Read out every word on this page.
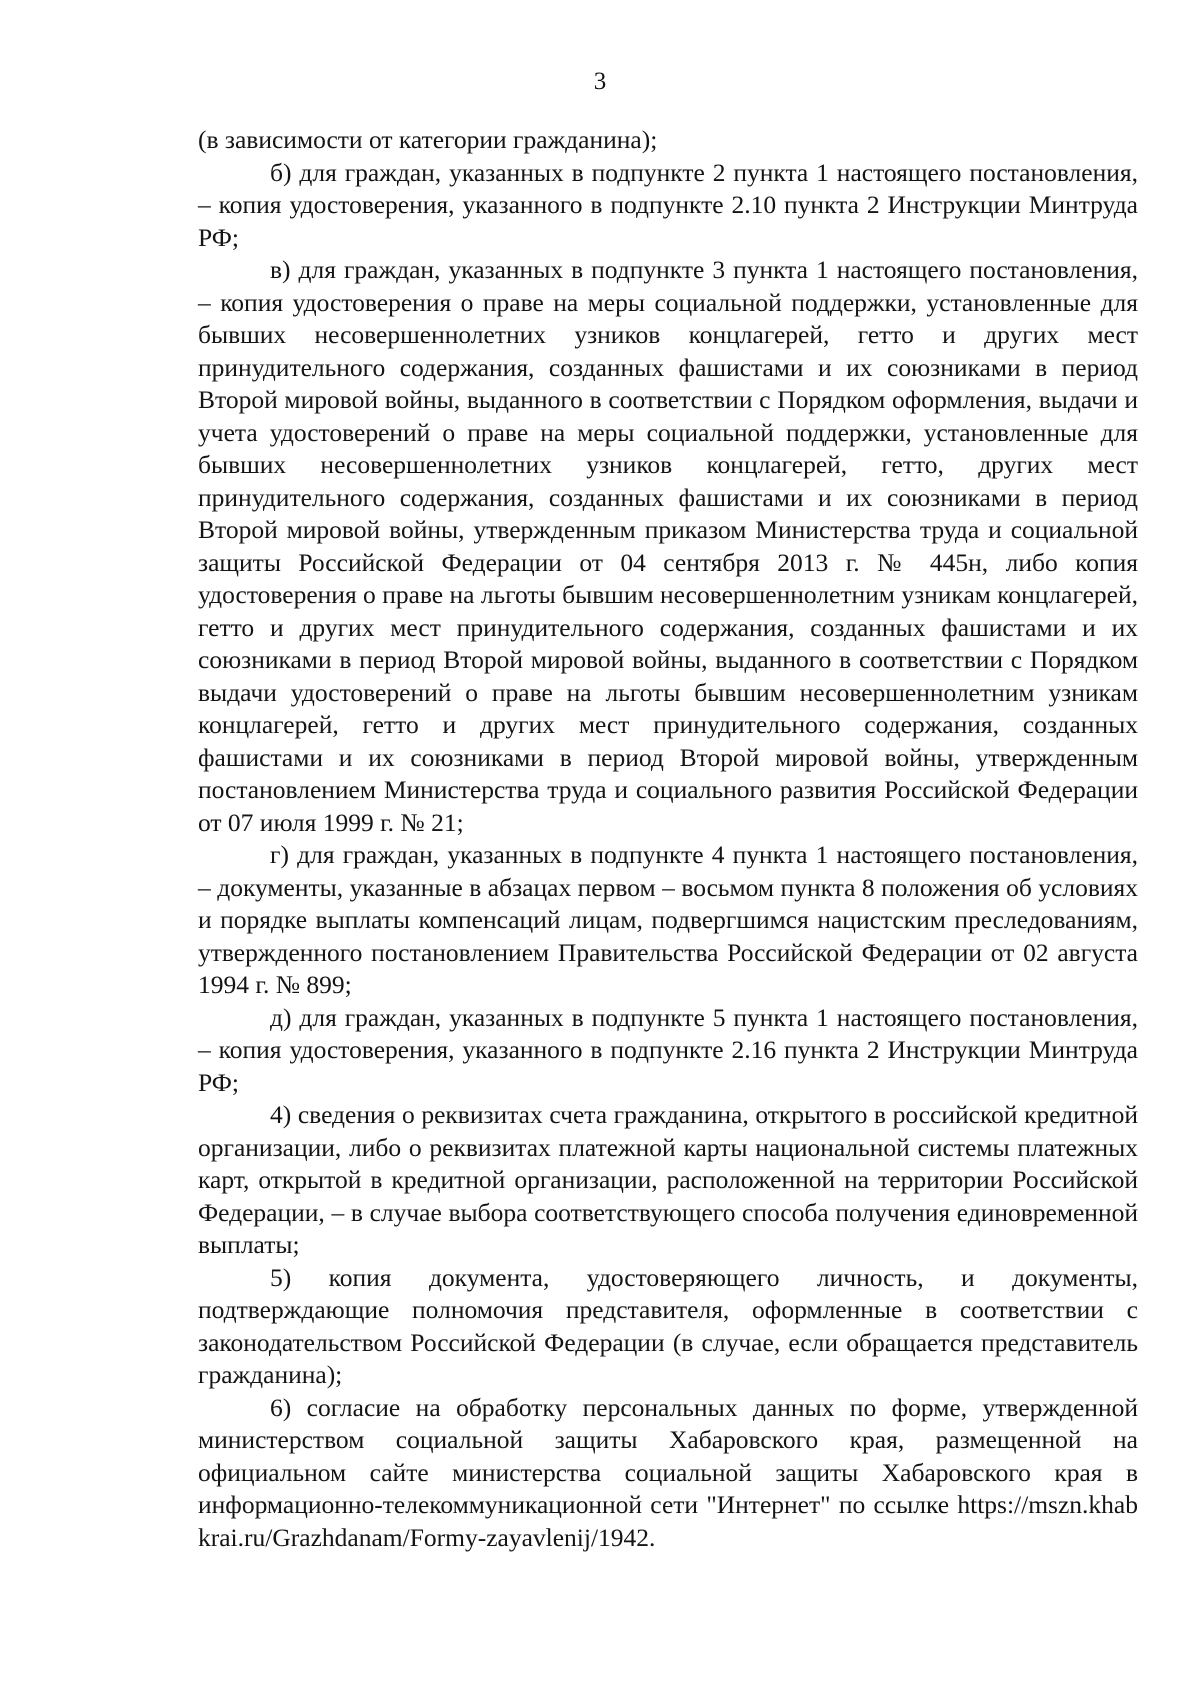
3

(в зависимости от категории гражданина);

б) для граждан, указанных в подпункте 2 пункта 1 настоящего постановления, – копия удостоверения, указанного в подпункте 2.10 пункта 2 Инструкции Минтруда РФ;

в) для граждан, указанных в подпункте 3 пункта 1 настоящего постановления, – копия удостоверения о праве на меры социальной поддержки, установленные для бывших несовершеннолетних узников концлагерей, гетто и других мест принудительного содержания, созданных фашистами и их союзниками в период Второй мировой войны, выданного в соответствии с Порядком оформления, выдачи и учета удостоверений о праве на меры социальной поддержки, установленные для бывших несовершеннолетних узников концлагерей, гетто, других мест принудительного содержания, созданных фашистами и их союзниками в период Второй мировой войны, утвержденным приказом Министерства труда и социальной защиты Российской Федерации от 04 сентября 2013 г. № 445н, либо копия удостоверения о праве на льготы бывшим несовершеннолетним узникам концлагерей, гетто и других мест принудительного содержания, созданных фашистами и их союзниками в период Второй мировой войны, выданного в соответствии с Порядком выдачи удостоверений о праве на льготы бывшим несовершеннолетним узникам концлагерей, гетто и других мест принудительного содержания, созданных фашистами и их союзниками в период Второй мировой войны, утвержденным постановлением Министерства труда и социального развития Российской Федерации от 07 июля 1999 г. № 21;

г) для граждан, указанных в подпункте 4 пункта 1 настоящего постановления, – документы, указанные в абзацах первом – восьмом пункта 8 положения об условиях и порядке выплаты компенсаций лицам, подвергшимся нацистским преследованиям, утвержденного постановлением Правительства Российской Федерации от 02 августа 1994 г. № 899;

д) для граждан, указанных в подпункте 5 пункта 1 настоящего постановления, – копия удостоверения, указанного в подпункте 2.16 пункта 2 Инструкции Минтруда РФ;

4) сведения о реквизитах счета гражданина, открытого в российской кредитной организации, либо о реквизитах платежной карты национальной системы платежных карт, открытой в кредитной организации, расположенной на территории Российской Федерации, – в случае выбора соответствующего способа получения единовременной выплаты;

5) копия документа, удостоверяющего личность, и документы, подтверждающие полномочия представителя, оформленные в соответствии с законодательством Российской Федерации (в случае, если обращается представитель гражданина);

6) согласие на обработку персональных данных по форме, утвержденной министерством социальной защиты Хабаровского края, размещенной на официальном сайте министерства социальной защиты Хабаровского края в информационно-телекоммуникационной сети "Интернет" по ссылке https://mszn.khabkrai.ru/Grazhdanam/Formy-zayavlenij/1942.
